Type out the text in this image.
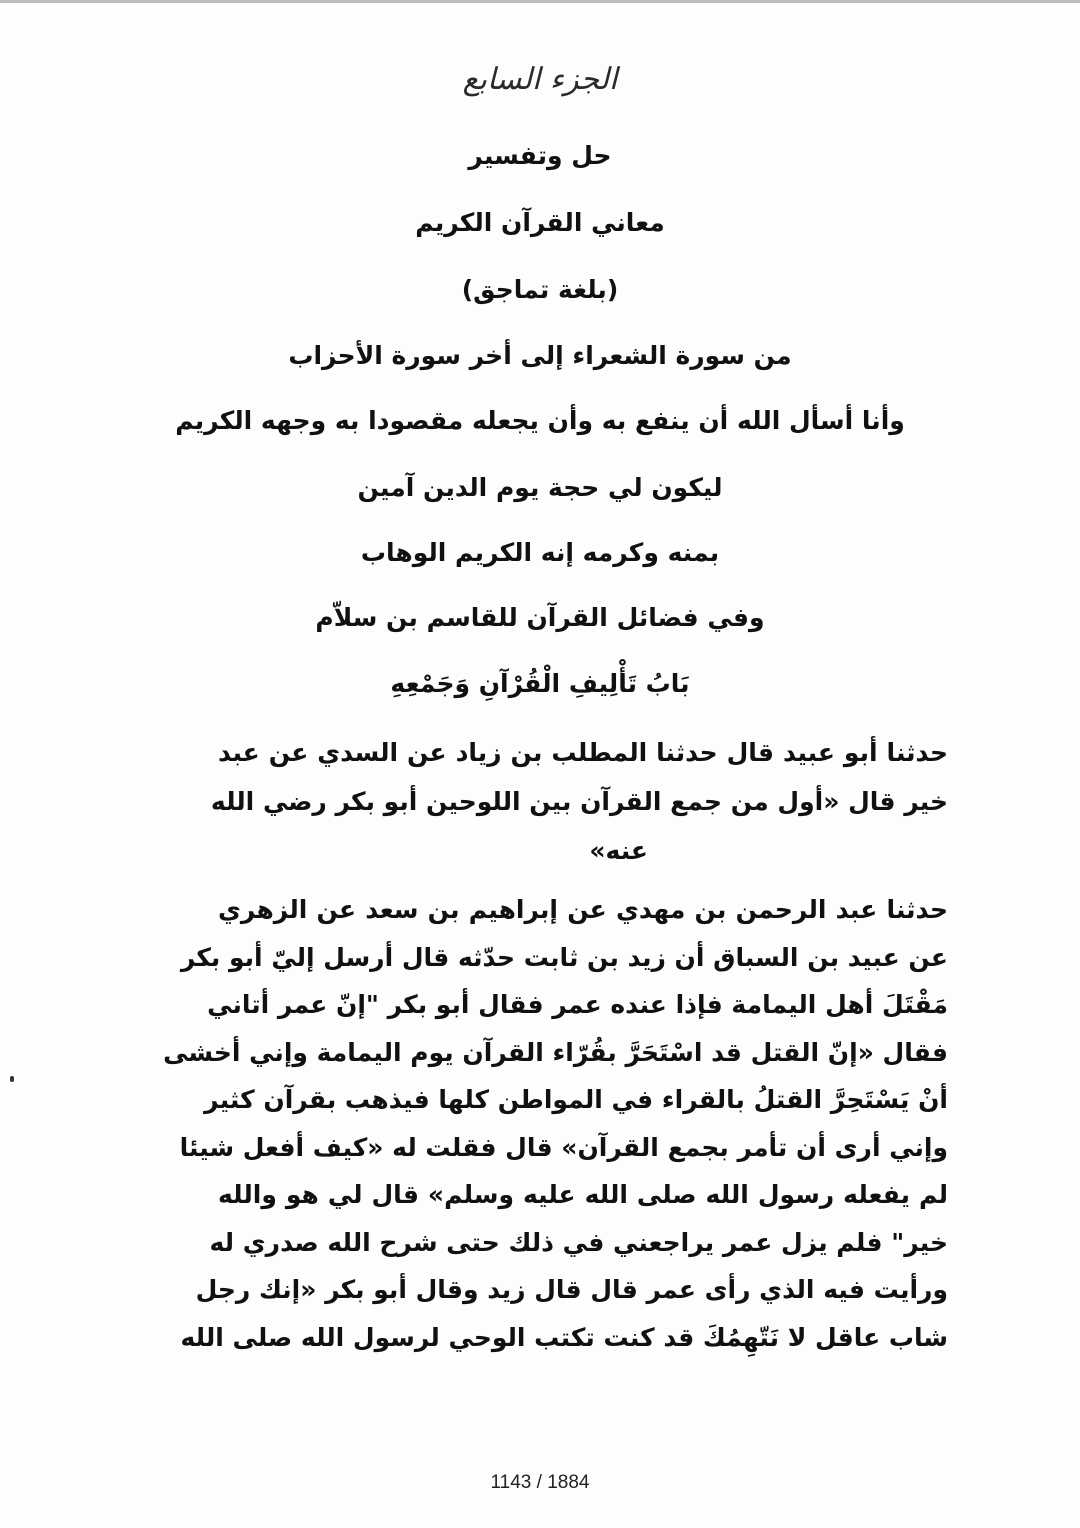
الجزء السابع
حل وتفسير
معاني القرآن الكريم
(بلغة تماجق)
من سورة الشعراء إلى أخر سورة الأحزاب
وأنا أسأل الله أن ينفع به وأن يجعله مقصودا به وجهه الكريم
ليكون لي حجة يوم الدين آمين
بمنه وكرمه إنه الكريم الوهاب
وفي فضائل القرآن للقاسم بن سلاّم
بَابُ تَأْلِيفِ الْقُرْآنِ وَجَمْعِهِ
حدثنا أبو عبيد قال حدثنا المطلب بن زياد عن السدي عن عبد
خير قال «أول من جمع القرآن بين اللوحين أبو بكر رضي الله
عنه»
حدثنا عبد الرحمن بن مهدي عن إبراهيم بن سعد عن الزهري
عن عبيد بن السباق أن زيد بن ثابت حدّثه قال أرسل إليّ أبو بكر
مَقْتَلَ أهل اليمامة فإذا عنده عمر فقال أبو بكر "إنّ عمر أتاني
فقال «إنّ القتل قد اسْتَحَرَّ بقُرّاء القرآن يوم اليمامة وإني أخشى
أنْ يَسْتَحِرَّ القتلُ بالقراء في المواطن كلها فيذهب بقرآن كثير
وإني أرى أن تأمر بجمع القرآن» قال فقلت له «كيف أفعل شيئا
لم يفعله رسول الله صلى الله عليه وسلم» قال لي هو والله
خير" فلم يزل عمر يراجعني في ذلك حتى شرح الله صدري له
ورأيت فيه الذي رأى عمر قال قال زيد وقال أبو بكر «إنك رجل
شاب عاقل لا نَتّهِمُكَ قد كنت تكتب الوحي لرسول الله صلى الله
1143 / 1884
